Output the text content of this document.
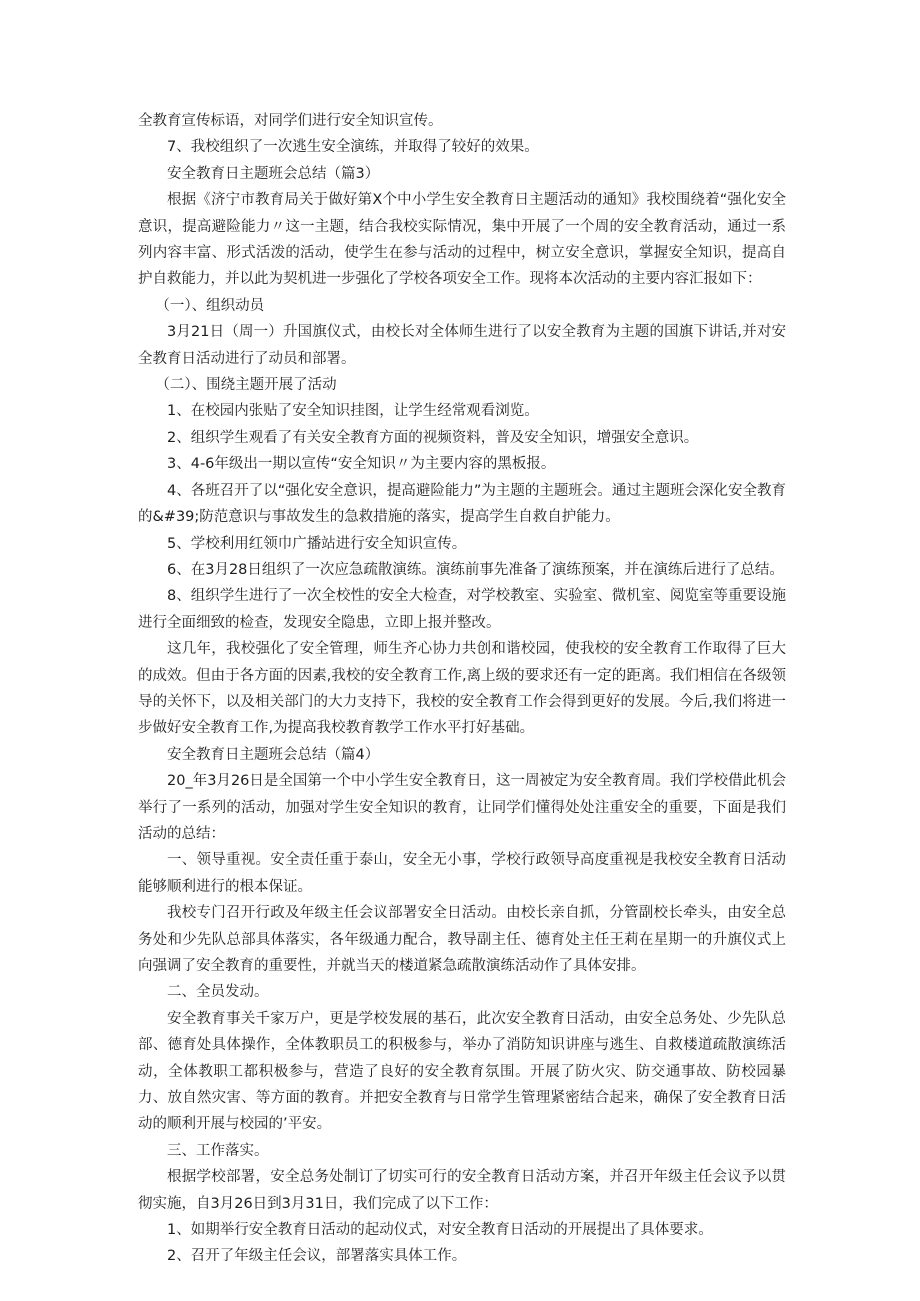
全教育宣传标语，对同学们进行安全知识宣传。

7、我校组织了一次逃生安全演练，并取得了较好的效果。

安全教育日主题班会总结（篇3）

根据《济宁市教育局关于做好第X个中小学生安全教育日主题活动的通知》我校围绕着“强化安全意识，提高避险能力〃这一主题，结合我校实际情况，集中开展了一个周的安全教育活动，通过一系列内容丰富、形式活泼的活动，使学生在参与活动的过程中，树立安全意识，掌握安全知识，提高自护自救能力，并以此为契机进一步强化了学校各项安全工作。现将本次活动的主要内容汇报如下：

（一）、组织动员

3月21日（周一）升国旗仪式，由校长对全体师生进行了以安全教育为主题的国旗下讲话,并对安全教育日活动进行了动员和部署。

（二）、围绕主题开展了活动

1、在校园内张贴了安全知识挂图，让学生经常观看浏览。

2、组织学生观看了有关安全教育方面的视频资料，普及安全知识，增强安全意识。

3、4-6年级出一期以宣传“安全知识〃为主要内容的黑板报。

4、各班召开了以“强化安全意识，提高避险能力”为主题的主题班会。通过主题班会深化安全教育的&#39;防范意识与事故发生的急救措施的落实，提高学生自救自护能力。

5、学校利用红领巾广播站进行安全知识宣传。

6、在3月28日组织了一次应急疏散演练。演练前事先准备了演练预案，并在演练后进行了总结。

8、组织学生进行了一次全校性的安全大检查，对学校教室、实验室、微机室、阅览室等重要设施进行全面细致的检查，发现安全隐患，立即上报并整改。

这几年，我校强化了安全管理，师生齐心协力共创和谐校园，使我校的安全教育工作取得了巨大的成效。但由于各方面的因素,我校的安全教育工作,离上级的要求还有一定的距离。我们相信在各级领导的关怀下，以及相关部门的大力支持下，我校的安全教育工作会得到更好的发展。今后,我们将进一步做好安全教育工作,为提高我校教育教学工作水平打好基础。

安全教育日主题班会总结（篇4）

20_年3月26日是全国第一个中小学生安全教育日，这一周被定为安全教育周。我们学校借此机会举行了一系列的活动，加强对学生安全知识的教育，让同学们懂得处处注重安全的重要，下面是我们活动的总结：

一、领导重视。安全责任重于泰山，安全无小事，学校行政领导高度重视是我校安全教育日活动能够顺利进行的根本保证。

我校专门召开行政及年级主任会议部署安全日活动。由校长亲自抓，分管副校长牵头，由安全总务处和少先队总部具体落实，各年级通力配合，教导副主任、德育处主任王莉在星期一的升旗仪式上向强调了安全教育的重要性，并就当天的楼道紧急疏散演练活动作了具体安排。

二、全员发动。

安全教育事关千家万户，更是学校发展的基石，此次安全教育日活动，由安全总务处、少先队总部、德育处具体操作，全体教职员工的积极参与，举办了消防知识讲座与逃生、自救楼道疏散演练活动，全体教职工都积极参与，营造了良好的安全教育氛围。开展了防火灾、防交通事故、防校园暴力、放自然灾害、等方面的教育。并把安全教育与日常学生管理紧密结合起来，确保了安全教育日活动的顺利开展与校园的’平安。

三、工作落实。

根据学校部署，安全总务处制订了切实可行的安全教育日活动方案，并召开年级主任会议予以贯彻实施，自3月26日到3月31日，我们完成了以下工作：

1、如期举行安全教育日活动的起动仪式，对安全教育日活动的开展提出了具体要求。

2、召开了年级主任会议，部署落实具体工作。
